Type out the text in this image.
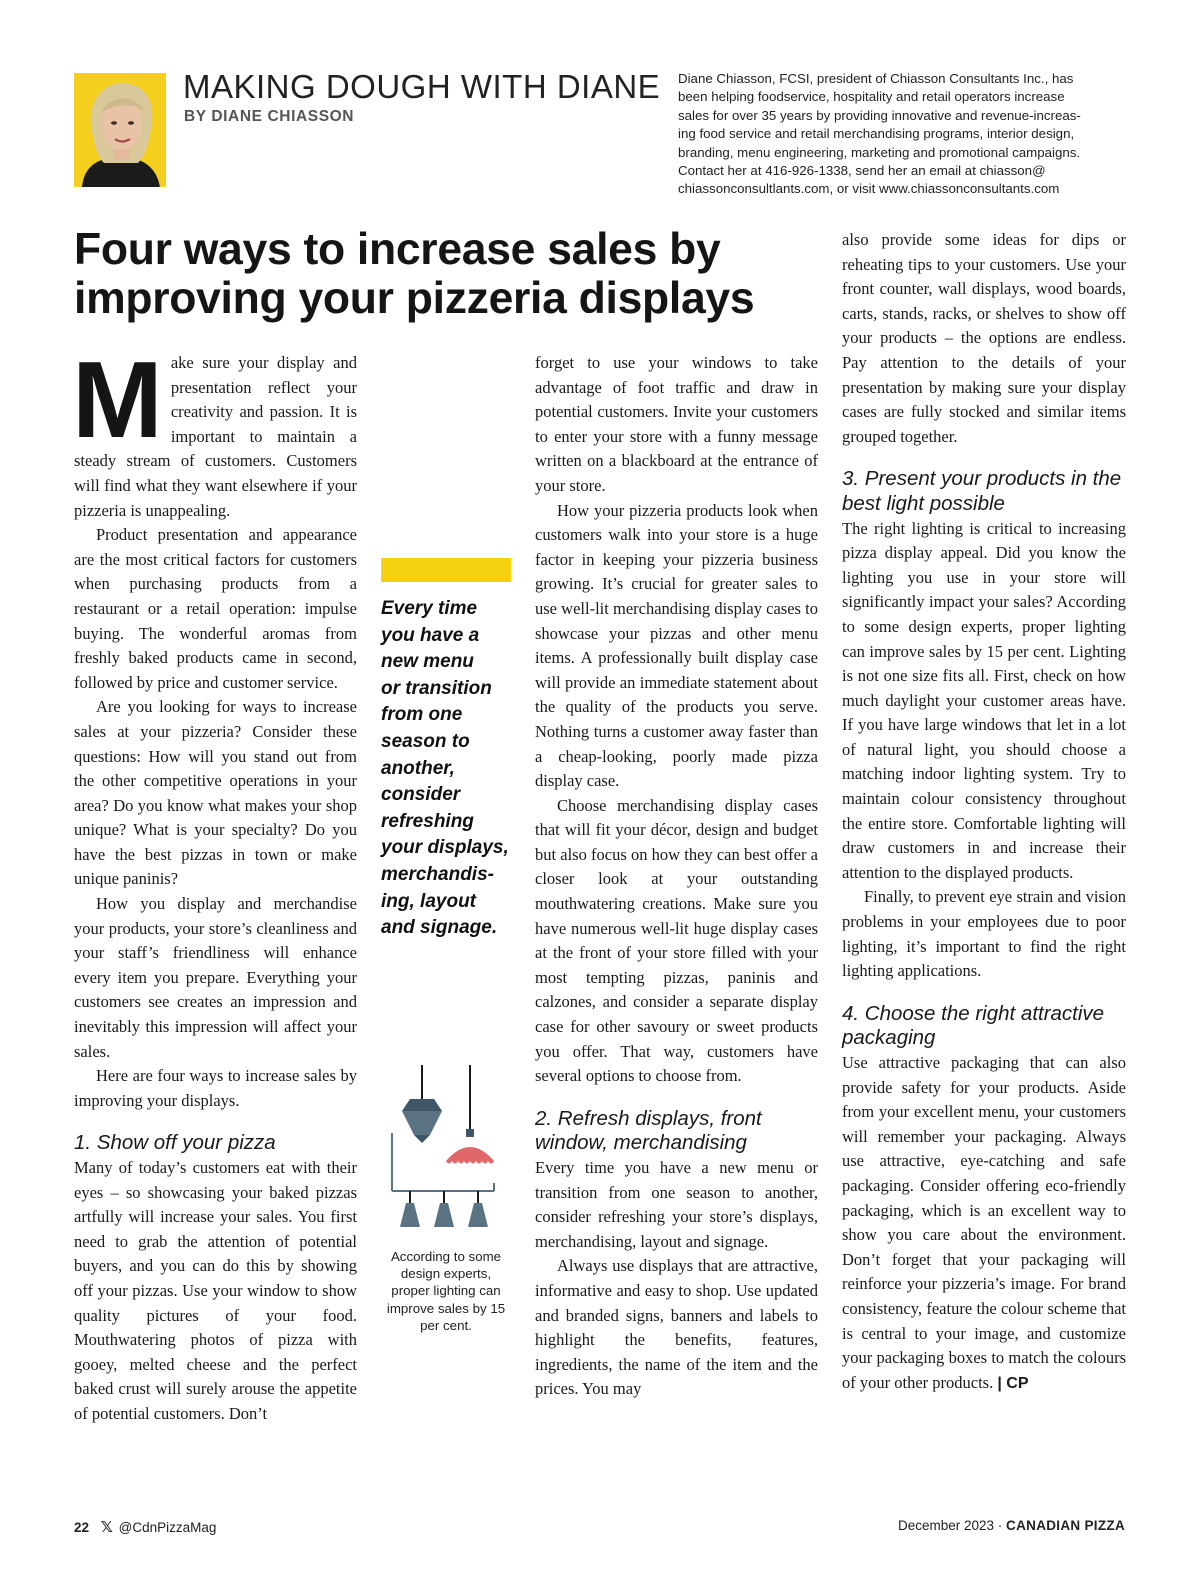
MAKING DOUGH WITH DIANE
BY DIANE CHIASSON
Diane Chiasson, FCSI, president of Chiasson Consultants Inc., has
been helping foodservice, hospitality and retail operators increase
sales for over 35 years by providing innovative and revenue-increas-
ing food service and retail merchandising programs, interior design,
branding, menu engineering, marketing and promotional campaigns.
Contact her at 416-926-1338, send her an email at chiasson@
chiassonconsultlants.com, or visit www.chiassonconsultants.com
Four ways to increase sales by
improving your pizzeria displays

Make sure your display and presentation reflect your creativity and passion. It is important to maintain a steady stream of customers. Customers will find what they want elsewhere if your pizzeria is unappealing.

Product presentation and appearance are the most critical factors for customers when purchasing products from a restaurant or a retail operation: impulse buying. The wonderful aromas from freshly baked products came in second, followed by price and customer service.

Are you looking for ways to increase sales at your pizzeria? Consider these questions: How will you stand out from the other competitive operations in your area? Do you know what makes your shop unique? What is your specialty? Do you have the best pizzas in town or make unique paninis?

How you display and merchandise your products, your store’s cleanliness and your staff’s friendliness will enhance every item you prepare. Everything your customers see creates an impression and inevitably this impression will affect your sales.

Here are four ways to increase sales by improving your displays.

1. Show off your pizza

Many of today’s customers eat with their eyes – so showcasing your baked pizzas artfully will increase your sales. You first need to grab the attention of potential buyers, and you can do this by showing off your pizzas. Use your window to show quality pictures of your food. Mouthwatering photos of pizza with gooey, melted cheese and the perfect baked crust will surely arouse the appetite of potential customers. Don’t

Every time
you have a
new menu
or transition
from one
season to
another,
consider
refreshing
your displays,
merchandis-
ing, layout
and signage.
According to some
design experts,
proper lighting can
improve sales by 15
per cent.

forget to use your windows to take advantage of foot traffic and draw in potential customers. Invite your customers to enter your store with a funny message written on a blackboard at the entrance of your store.

How your pizzeria products look when customers walk into your store is a huge factor in keeping your pizzeria business growing. It’s crucial for greater sales to use well-lit merchandising display cases to showcase your pizzas and other menu items. A professionally built display case will provide an immediate statement about the quality of the products you serve. Nothing turns a customer away faster than a cheap-looking, poorly made pizza display case.

Choose merchandising display cases that will fit your décor, design and budget but also focus on how they can best offer a closer look at your outstanding mouthwatering creations. Make sure you have numerous well-lit huge display cases at the front of your store filled with your most tempting pizzas, paninis and calzones, and consider a separate display case for other savoury or sweet products you offer. That way, customers have several options to choose from.

2. Refresh displays, front window, merchandising

Every time you have a new menu or transition from one season to another, consider refreshing your store’s displays, merchandising, layout and signage.

Always use displays that are attractive, informative and easy to shop. Use updated and branded signs, banners and labels to highlight the benefits, features, ingredients, the name of the item and the prices. You may

also provide some ideas for dips or reheating tips to your customers. Use your front counter, wall displays, wood boards, carts, stands, racks, or shelves to show off your products – the options are endless. Pay attention to the details of your presentation by making sure your display cases are fully stocked and similar items grouped together.

3. Present your products in the best light possible

The right lighting is critical to increasing pizza display appeal. Did you know the lighting you use in your store will significantly impact your sales? According to some design experts, proper lighting can improve sales by 15 per cent. Lighting is not one size fits all. First, check on how much daylight your customer areas have. If you have large windows that let in a lot of natural light, you should choose a matching indoor lighting system. Try to maintain colour consistency throughout the entire store. Comfortable lighting will draw customers in and increase their attention to the displayed products.

Finally, to prevent eye strain and vision problems in your employees due to poor lighting, it’s important to find the right lighting applications.

4. Choose the right attractive packaging

Use attractive packaging that can also provide safety for your products. Aside from your excellent menu, your customers will remember your packaging. Always use attractive, eye-catching and safe packaging. Consider offering eco-friendly packaging, which is an excellent way to show you care about the environment. Don’t forget that your packaging will reinforce your pizzeria’s image. For brand consistency, feature the colour scheme that is central to your image, and customize your packaging boxes to match the colours of your other products. | CP

22 𝕏 @CdnPizzaMag	December 2023 · CANADIAN PIZZA
